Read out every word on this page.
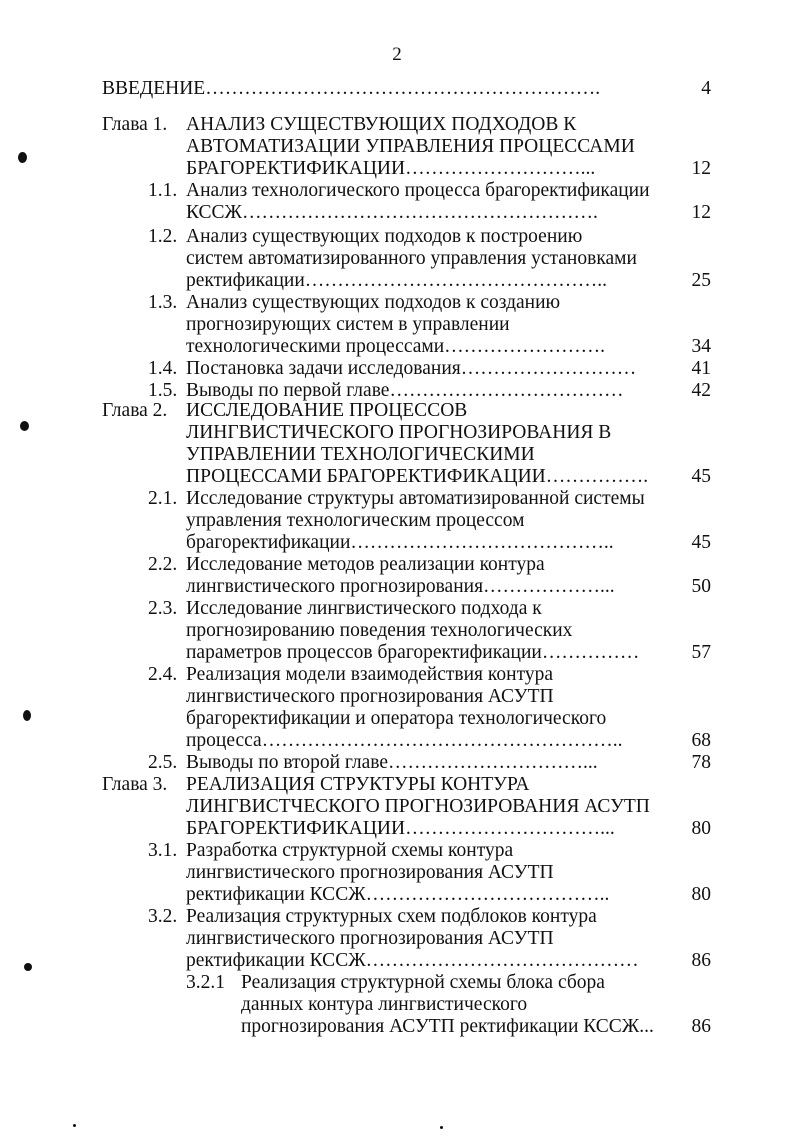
2
ВВЕДЕНИЕ…………………………………………………….	4
Глава 1. АНАЛИЗ СУЩЕСТВУЮЩИХ ПОДХОДОВ К
АВТОМАТИЗАЦИИ УПРАВЛЕНИЯ ПРОЦЕССАМИ
БРАГОРЕКТИФИКАЦИИ………………………...	12
1.1. Анализ технологического процесса брагоректификации
КССЖ……………………………………………….	12
1.2. Анализ существующих подходов к построению
систем автоматизированного управления установками
ректификации………………………………………..	25
1.3. Анализ существующих подходов к созданию
прогнозирующих систем в управлении
технологическими процессами…………………….	34
1.4. Постановка задачи исследования………………………	41
1.5. Выводы по первой главе………………………………	42
Глава 2. ИССЛЕДОВАНИЕ ПРОЦЕССОВ
ЛИНГВИСТИЧЕСКОГО ПРОГНОЗИРОВАНИЯ В
УПРАВЛЕНИИ ТЕХНОЛОГИЧЕСКИМИ
ПРОЦЕССАМИ БРАГОРЕКТИФИКАЦИИ……………. 45
2.1. Исследование структуры автоматизированной системы
управления технологическим процессом
брагоректификации…………………………………..	45
2.2. Исследование методов реализации контура
лингвистического прогнозирования………………...	50
2.3. Исследование лингвистического подхода к
прогнозированию поведения технологических
параметров процессов брагоректификации……………	57
2.4. Реализация модели взаимодействия контура
лингвистического прогнозирования АСУТП
брагоректификации и оператора технологического
процесса………………………………………………..	68
2.5. Выводы по второй главе…………………………...	78
Глава 3. РЕАЛИЗАЦИЯ СТРУКТУРЫ КОНТУРА
ЛИНГВИСТЧЕСКОГО ПРОГНОЗИРОВАНИЯ АСУТП
БРАГОРЕКТИФИКАЦИИ…………………………...	80
3.1. Разработка структурной схемы контура
лингвистического прогнозирования АСУТП
ректификации КССЖ………………………………..	80
3.2. Реализация структурных схем подблоков контура
лингвистического прогнозирования АСУТП
ректификации КССЖ……………………………………	86
3.2.1 Реализация структурной схемы блока сбора
данных контура лингвистического
прогнозирования АСУТП ректификации КССЖ... 86
